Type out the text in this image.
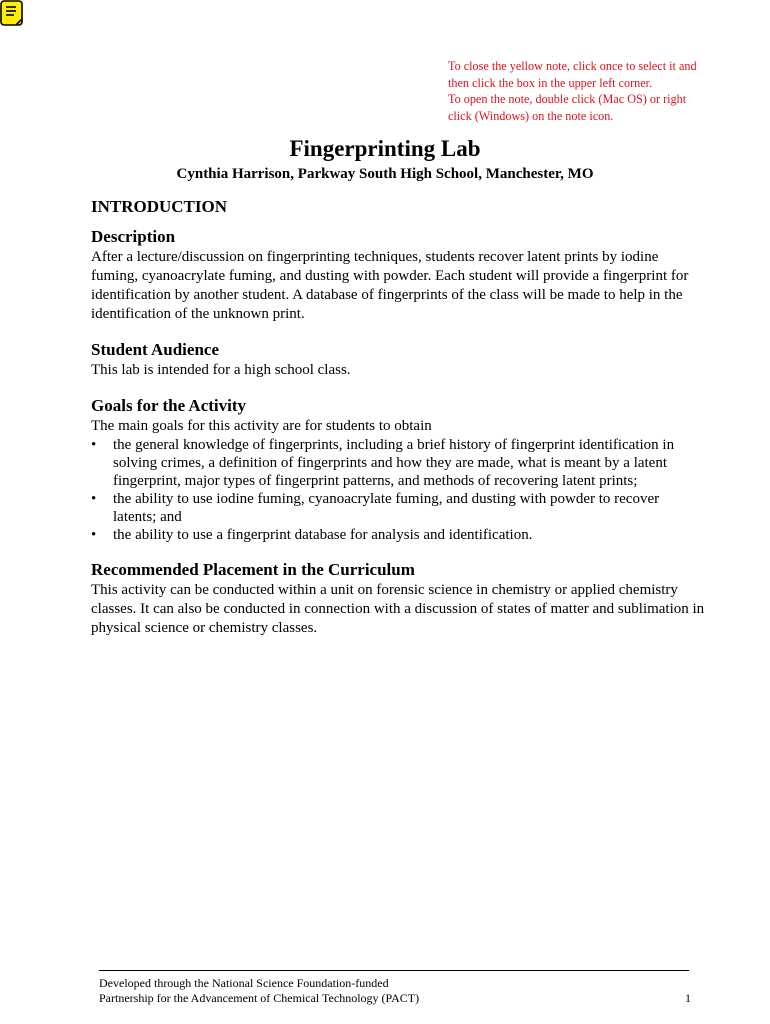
To close the yellow note, click once to select it and
then click the box in the upper left corner.
To open the note, double click (Mac OS) or right
click (Windows) on the note icon.
Fingerprinting Lab
Cynthia Harrison, Parkway South High School, Manchester, MO
INTRODUCTION
Description

After a lecture/discussion on fingerprinting techniques, students recover latent prints by iodine fuming, cyanoacrylate fuming, and dusting with powder. Each student will provide a fingerprint for identification by another student. A database of fingerprints of the class will be made to help in the identification of the unknown print.

Student Audience

This lab is intended for a high school class.

Goals for the Activity

The main goals for this activity are for students to obtain

• the general knowledge of fingerprints, including a brief history of fingerprint identification in solving crimes, a definition of fingerprints and how they are made, what is meant by a latent fingerprint, major types of fingerprint patterns, and methods of recovering latent prints;
• the ability to use iodine fuming, cyanoacrylate fuming, and dusting with powder to recover latents; and
• the ability to use a fingerprint database for analysis and identification.
Recommended Placement in the Curriculum

This activity can be conducted within a unit on forensic science in chemistry or applied chemistry classes. It can also be conducted in connection with a discussion of states of matter and sublimation in physical science or chemistry classes.

Developed through the National Science Foundation-funded
Partnership for the Advancement of Chemical Technology (PACT)	1
